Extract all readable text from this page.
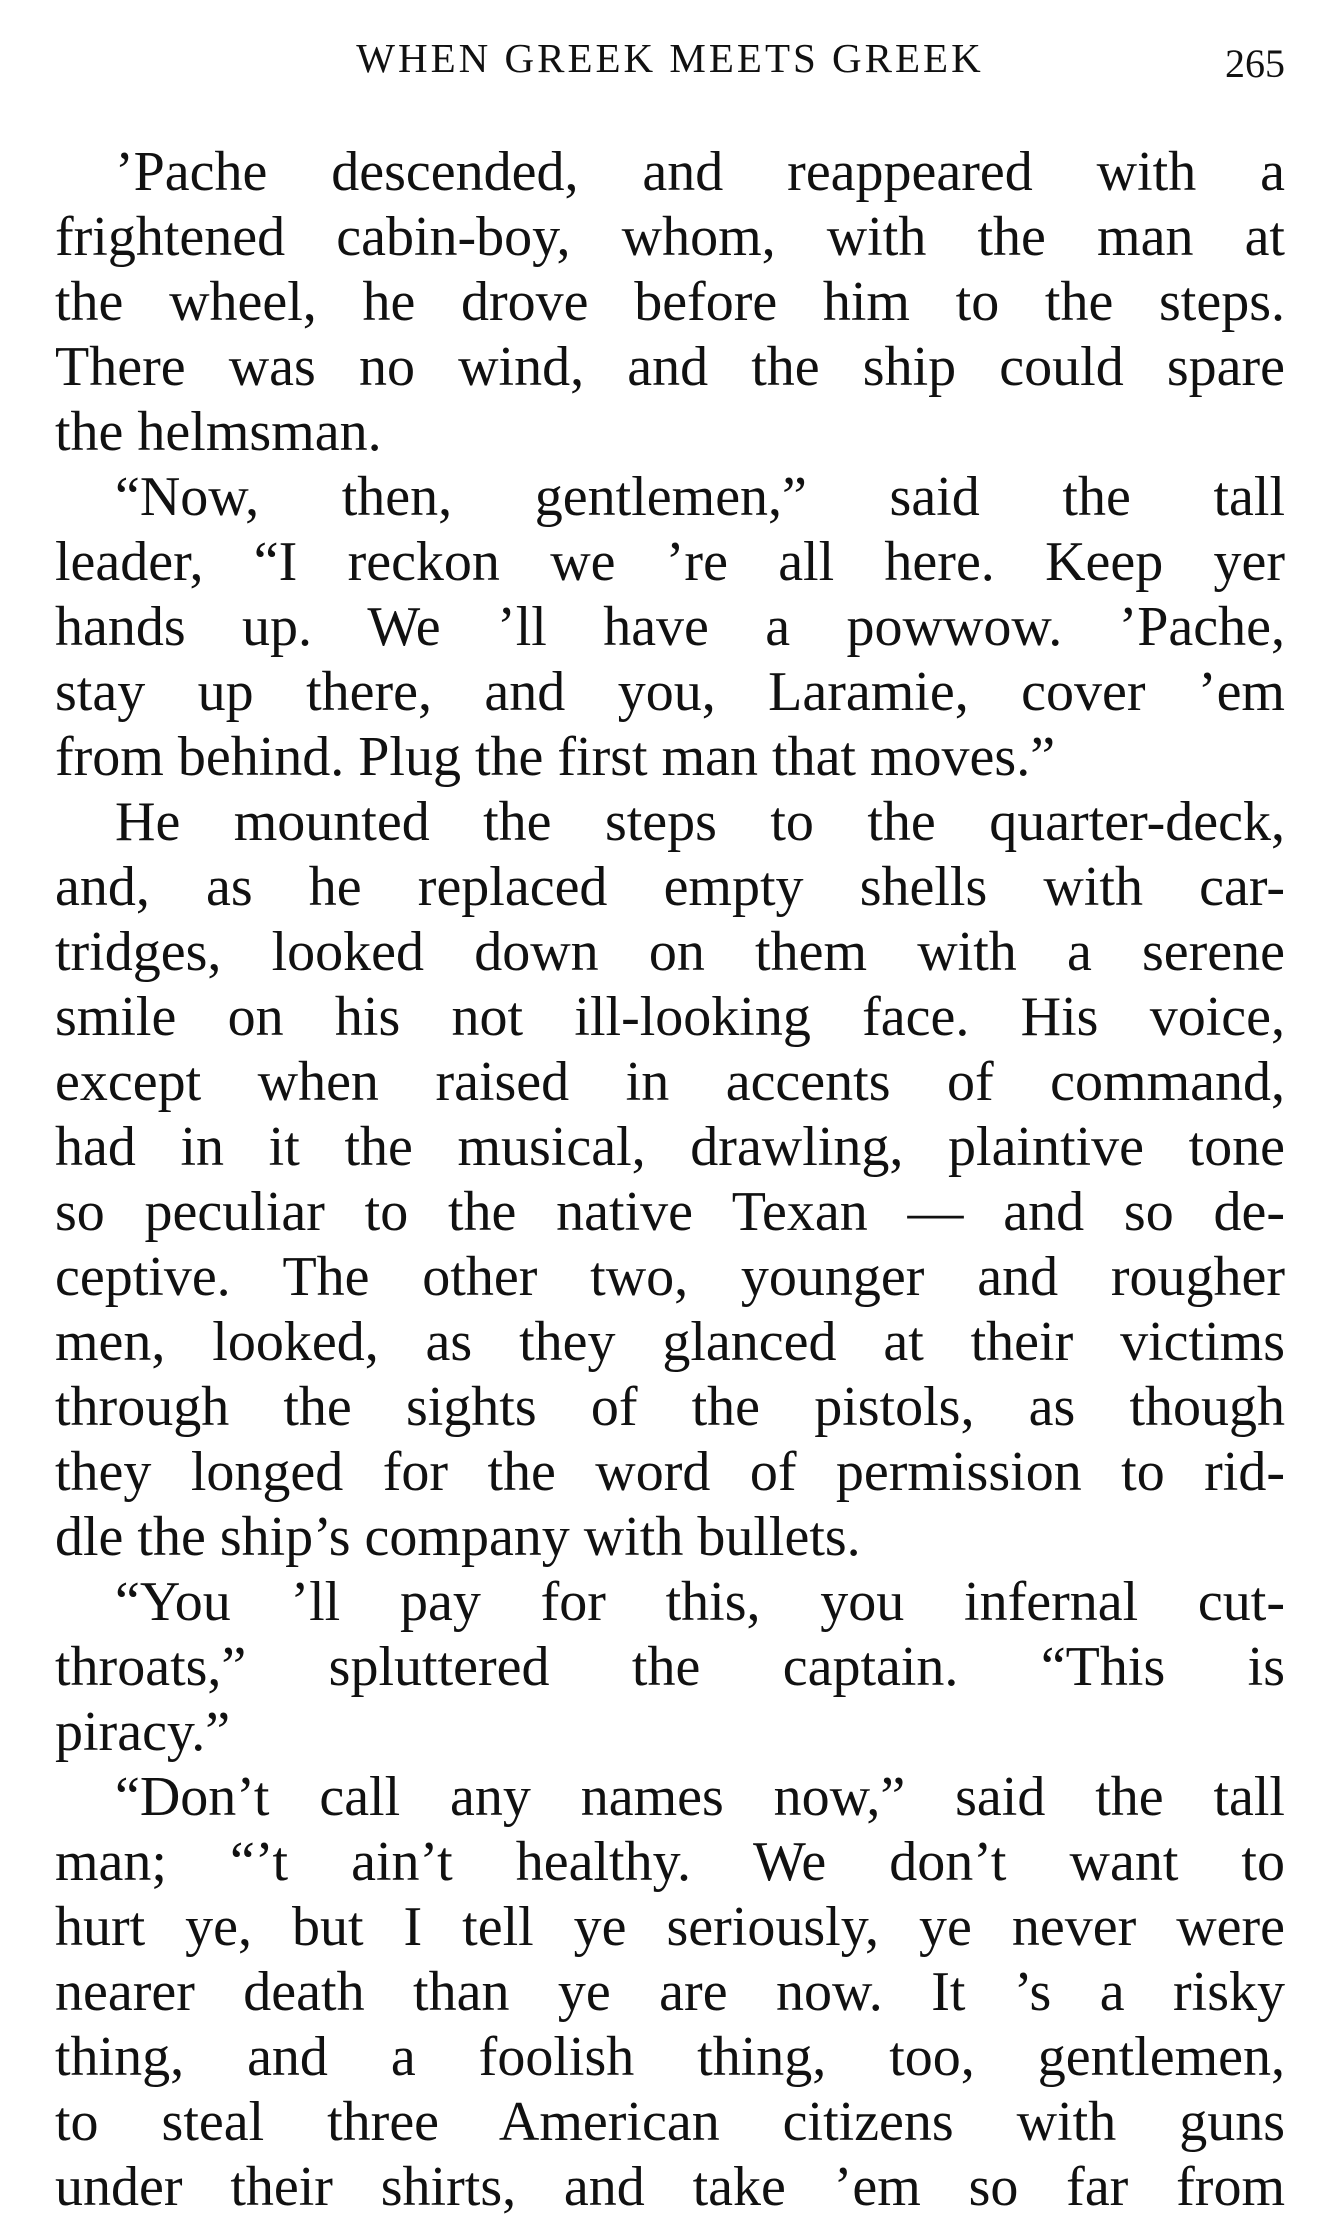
WHEN GREEK MEETS GREEK	265
’Pache descended, and reappeared with a
frightened cabin-boy, whom, with the man at
the wheel, he drove before him to the steps.
There was no wind, and the ship could spare
the helmsman.
“Now, then, gentlemen,” said the tall
leader, “I reckon we ’re all here. Keep yer
hands up. We ’ll have a powwow. ’Pache,
stay up there, and you, Laramie, cover ’em
from behind. Plug the first man that moves.”
He mounted the steps to the quarter-deck,
and, as he replaced empty shells with car-
tridges, looked down on them with a serene
smile on his not ill-looking face. His voice,
except when raised in accents of command,
had in it the musical, drawling, plaintive tone
so peculiar to the native Texan — and so de-
ceptive. The other two, younger and rougher
men, looked, as they glanced at their victims
through the sights of the pistols, as though
they longed for the word of permission to rid-
dle the ship’s company with bullets.
“You ’ll pay for this, you infernal cut-
throats,” spluttered the captain. “This is
piracy.”
“Don’t call any names now,” said the tall
man; “’t ain’t healthy. We don’t want to
hurt ye, but I tell ye seriously, ye never were
nearer death than ye are now. It ’s a risky
thing, and a foolish thing, too, gentlemen,
to steal three American citizens with guns
under their shirts, and take ’em so far from
